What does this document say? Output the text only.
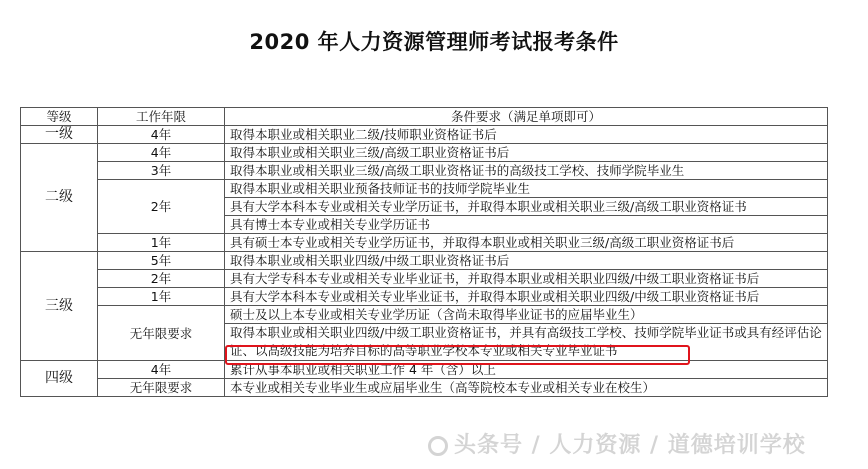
2020 年人力资源管理师考试报考条件
等级	工作年限	条件要求（满足单项即可）
一级	4年	取得本职业或相关职业二级/技师职业资格证书后
二级	4年	取得本职业或相关职业三级/高级工职业资格证书后
	3年	取得本职业或相关职业三级/高级工职业资格证书的高级技工学校、技师学院毕业生
	2年	取得本职业或相关职业预备技师证书的技师学院毕业生
		具有大学本科本专业或相关专业学历证书，并取得本职业或相关职业三级/高级工职业资格证书
		具有博士本专业或相关专业学历证书
	1年	具有硕士本专业或相关专业学历证书，并取得本职业或相关职业三级/高级工职业资格证书后
三级	5年	取得本职业或相关职业四级/中级工职业资格证书后
	2年	具有大学专科本专业或相关专业毕业证书，并取得本职业或相关职业四级/中级工职业资格证书后
	1年	具有大学本科本专业或相关专业毕业证书，并取得本职业或相关职业四级/中级工职业资格证书后
	无年限要求	硕士及以上本专业或相关专业学历证（含尚未取得毕业证书的应届毕业生）
		取得本职业或相关职业四级/中级工职业资格证书，并具有高级技工学校、技师学院毕业证书或具有经评估论证、以高级技能为培养目标的高等职业学校本专业或相关专业毕业证书
四级	4年	累计从事本职业或相关职业工作 4 年（含）以上
	无年限要求	本专业或相关专业毕业生或应届毕业生（高等院校本专业或相关专业在校生）
头条号 / 人力资源 / 道德培训学校
